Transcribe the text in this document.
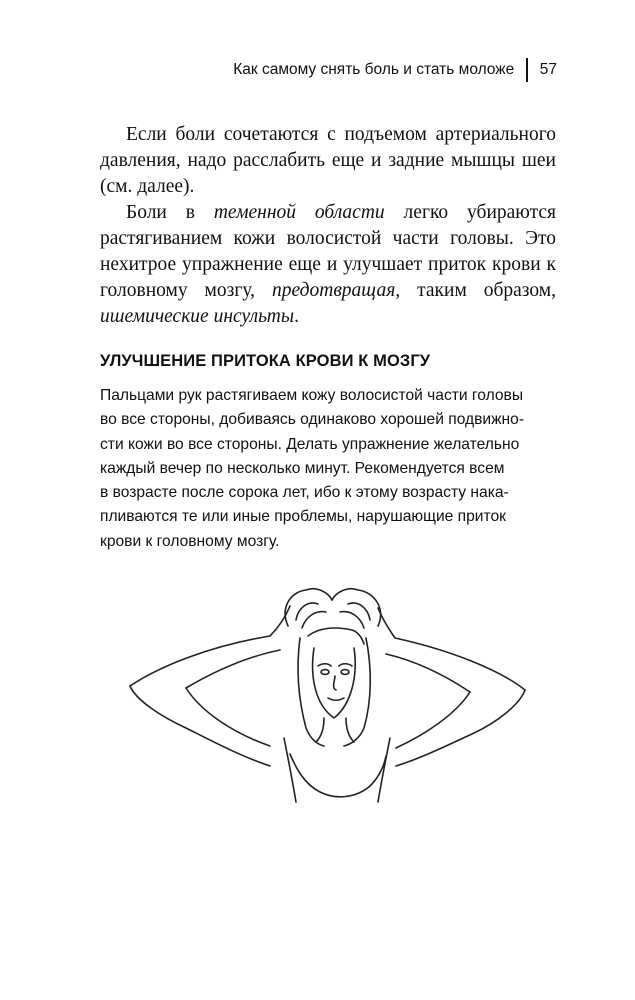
Как самому снять боль и стать моложе 57

Если боли сочетаются с подъемом артериального давления, надо расслабить еще и задние мышцы шеи (см. далее).

Боли в теменной области легко убираются растягиванием кожи волосистой части головы. Это нехитрое упражнение еще и улучшает приток крови к головному мозгу, предотвращая, таким образом, ишемические инсульты.

УЛУЧШЕНИЕ ПРИТОКА КРОВИ К МОЗГУ

Пальцами рук растягиваем кожу волосистой части головы
во все стороны, добиваясь одинаково хорошей подвижно-
сти кожи во все стороны. Делать упражнение желательно
каждый вечер по несколько минут. Рекомендуется всем
в возрасте после сорока лет, ибо к этому возрасту нака-
пливаются те или иные проблемы, нарушающие приток
крови к головному мозгу.
